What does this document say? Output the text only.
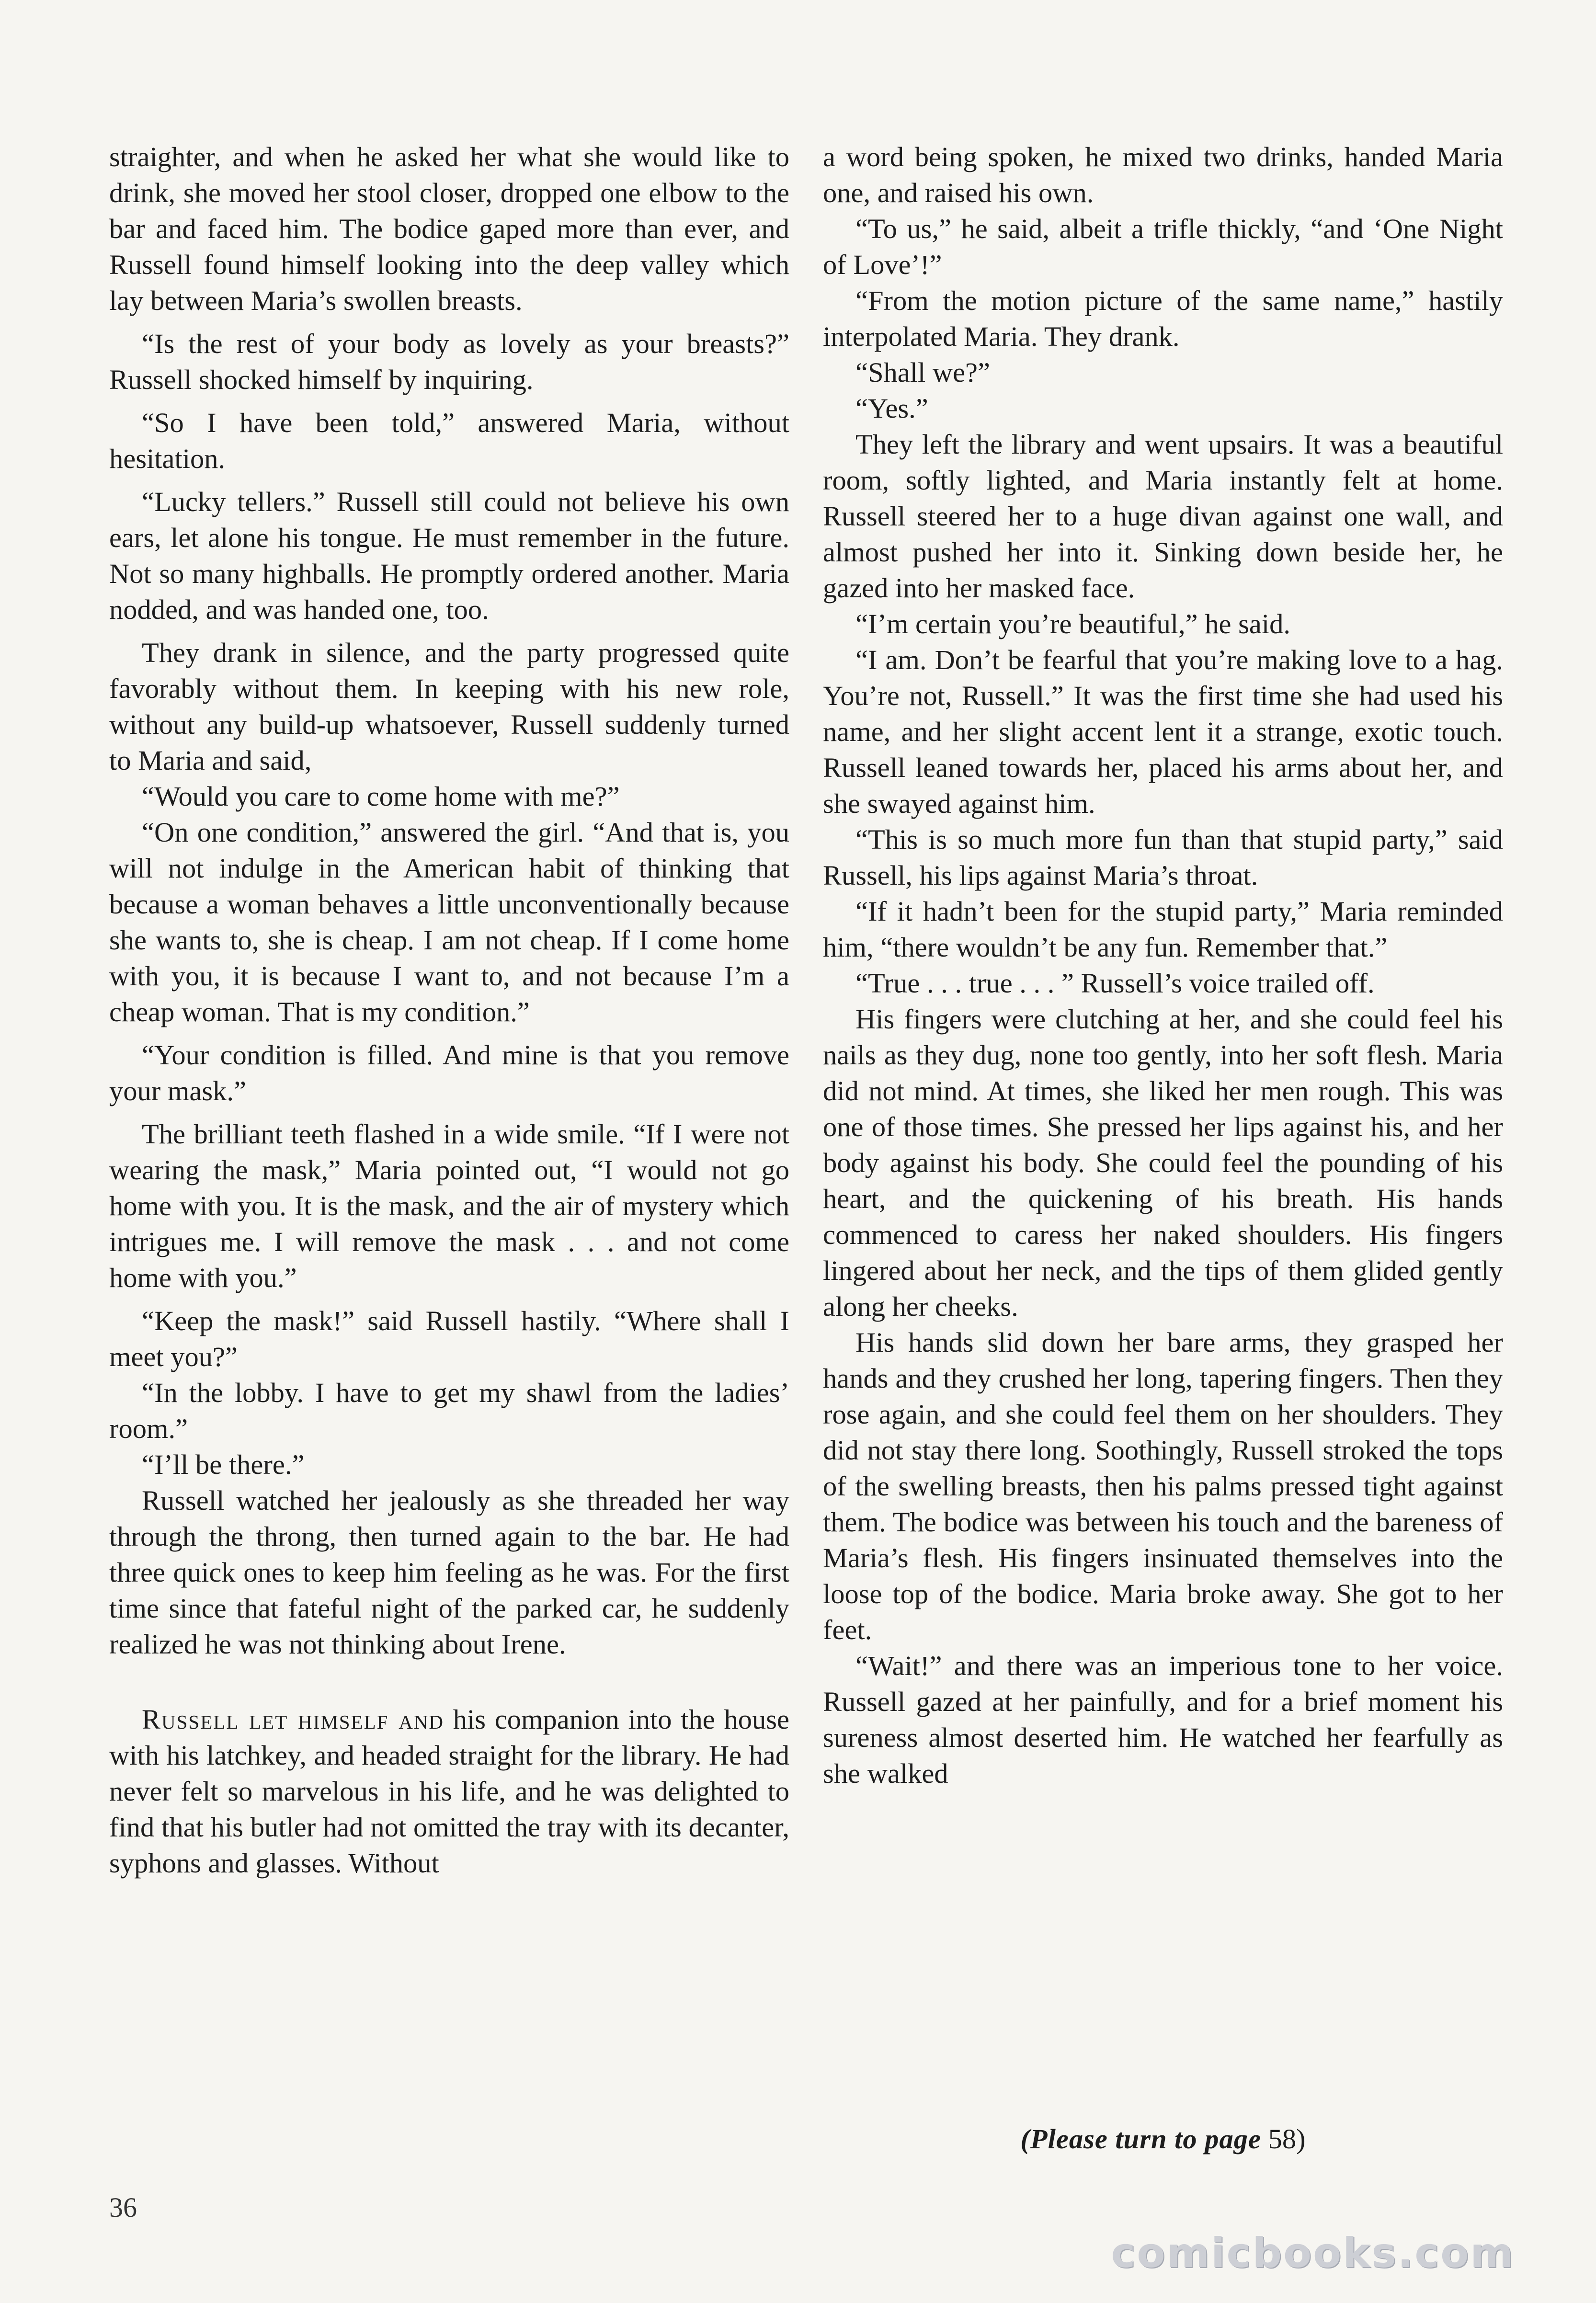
straighter, and when he asked her what she would like to drink, she moved her stool closer, dropped one elbow to the bar and faced him. The bodice gaped more than ever, and Russell found himself looking into the deep valley which lay between Maria’s swollen breasts.

“Is the rest of your body as lovely as your breasts?” Russell shocked himself by inquiring.

“So I have been told,” answered Maria, without hesitation.

“Lucky tellers.” Russell still could not believe his own ears, let alone his tongue. He must remember in the future. Not so many highballs. He promptly ordered another. Maria nodded, and was handed one, too.

They drank in silence, and the party progressed quite favorably without them. In keeping with his new role, without any build-up whatsoever, Russell suddenly turned to Maria and said,

“Would you care to come home with me?”

“On one condition,” answered the girl. “And that is, you will not indulge in the American habit of thinking that because a woman behaves a little unconventionally because she wants to, she is cheap. I am not cheap. If I come home with you, it is because I want to, and not because I’m a cheap woman. That is my condition.”

“Your condition is filled. And mine is that you remove your mask.”

The brilliant teeth flashed in a wide smile. “If I were not wearing the mask,” Maria pointed out, “I would not go home with you. It is the mask, and the air of mystery which intrigues me. I will remove the mask . . . and not come home with you.”

“Keep the mask!” said Russell hastily. “Where shall I meet you?”

“In the lobby. I have to get my shawl from the ladies’ room.”

“I’ll be there.”

Russell watched her jealously as she threaded her way through the throng, then turned again to the bar. He had three quick ones to keep him feeling as he was. For the first time since that fateful night of the parked car, he suddenly realized he was not thinking about Irene.

Russell let himself and his companion into the house with his latchkey, and headed straight for the library. He had never felt so marvelous in his life, and he was delighted to find that his butler had not omitted the tray with its decanter, syphons and glasses. Without

a word being spoken, he mixed two drinks, handed Maria one, and raised his own.

“To us,” he said, albeit a trifle thickly, “and ‘One Night of Love’!”

“From the motion picture of the same name,” hastily interpolated Maria. They drank.

“Shall we?”

“Yes.”

They left the library and went upsairs. It was a beautiful room, softly lighted, and Maria instantly felt at home. Russell steered her to a huge divan against one wall, and almost pushed her into it. Sinking down beside her, he gazed into her masked face.

“I’m certain you’re beautiful,” he said.

“I am. Don’t be fearful that you’re making love to a hag. You’re not, Russell.” It was the first time she had used his name, and her slight accent lent it a strange, exotic touch. Russell leaned towards her, placed his arms about her, and she swayed against him.

“This is so much more fun than that stupid party,” said Russell, his lips against Maria’s throat.

“If it hadn’t been for the stupid party,” Maria reminded him, “there wouldn’t be any fun. Remember that.”

“True . . . true . . . ” Russell’s voice trailed off.

His fingers were clutching at her, and she could feel his nails as they dug, none too gently, into her soft flesh. Maria did not mind. At times, she liked her men rough. This was one of those times. She pressed her lips against his, and her body against his body. She could feel the pounding of his heart, and the quickening of his breath. His hands commenced to caress her naked shoulders. His fingers lingered about her neck, and the tips of them glided gently along her cheeks.

His hands slid down her bare arms, they grasped her hands and they crushed her long, tapering fingers. Then they rose again, and she could feel them on her shoulders. They did not stay there long. Soothingly, Russell stroked the tops of the swelling breasts, then his palms pressed tight against them. The bodice was between his touch and the bareness of Maria’s flesh. His fingers insinuated themselves into the loose top of the bodice. Maria broke away. She got to her feet.

“Wait!” and there was an imperious tone to her voice. Russell gazed at her painfully, and for a brief moment his sureness almost deserted him. He watched her fearfully as she walked

(Please turn to page 58)
36
comicbooks.com
